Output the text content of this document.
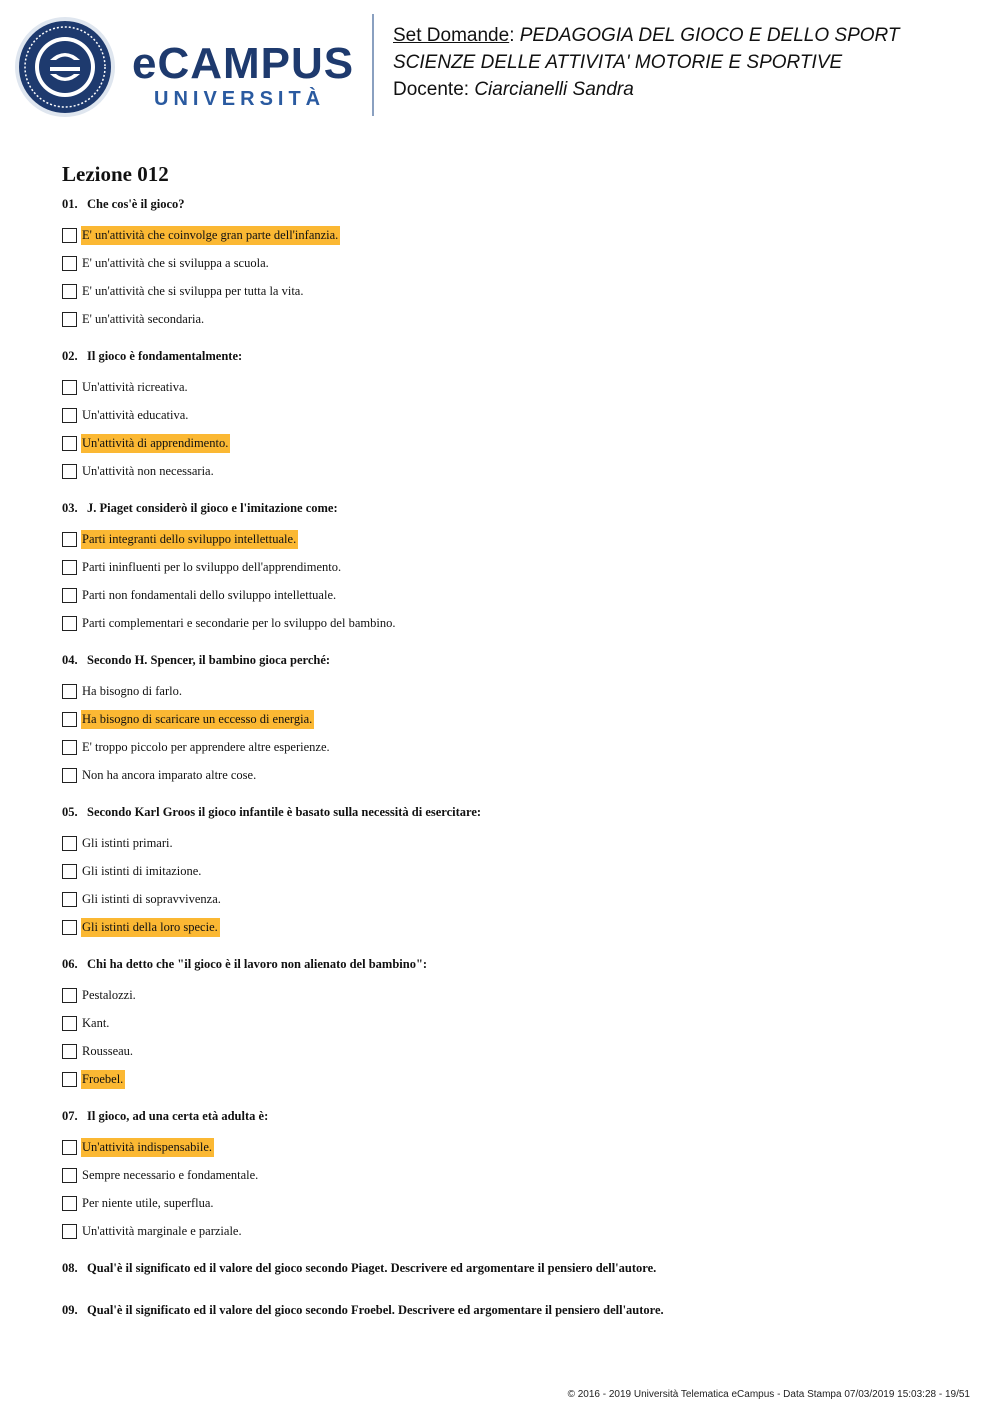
eCAMPUS
UNIVERSITÀ
Set Domande: PEDAGOGIA DEL GIOCO E DELLO SPORT
SCIENZE DELLE ATTIVITA' MOTORIE E SPORTIVE
Docente: Ciarcianelli Sandra
Lezione 012
01. Che cos'è il gioco?
E' un'attività che coinvolge gran parte dell'infanzia.
E' un'attività che si sviluppa a scuola.
E' un'attività che si sviluppa per tutta la vita.
E' un'attività secondaria.
02. Il gioco è fondamentalmente:
Un'attività ricreativa.
Un'attività educativa.
Un'attività di apprendimento.
Un'attività non necessaria.
03. J. Piaget considerò il gioco e l'imitazione come:
Parti integranti dello sviluppo intellettuale.
Parti ininfluenti per lo sviluppo dell'apprendimento.
Parti non fondamentali dello sviluppo intellettuale.
Parti complementari e secondarie per lo sviluppo del bambino.
04. Secondo H. Spencer, il bambino gioca perché:
Ha bisogno di farlo.
Ha bisogno di scaricare un eccesso di energia.
E' troppo piccolo per apprendere altre esperienze.
Non ha ancora imparato altre cose.
05. Secondo Karl Groos il gioco infantile è basato sulla necessità di esercitare:
Gli istinti primari.
Gli istinti di imitazione.
Gli istinti di sopravvivenza.
Gli istinti della loro specie.
06. Chi ha detto che "il gioco è il lavoro non alienato del bambino":
Pestalozzi.
Kant.
Rousseau.
Froebel.
07. Il gioco, ad una certa età adulta è:
Un'attività indispensabile.
Sempre necessario e fondamentale.
Per niente utile, superflua.
Un'attività marginale e parziale.
08. Qual'è il significato ed il valore del gioco secondo Piaget. Descrivere ed argomentare il pensiero dell'autore.
09. Qual'è il significato ed il valore del gioco secondo Froebel. Descrivere ed argomentare il pensiero dell'autore.
© 2016 - 2019 Università Telematica eCampus - Data Stampa 07/03/2019 15:03:28 - 19/51
